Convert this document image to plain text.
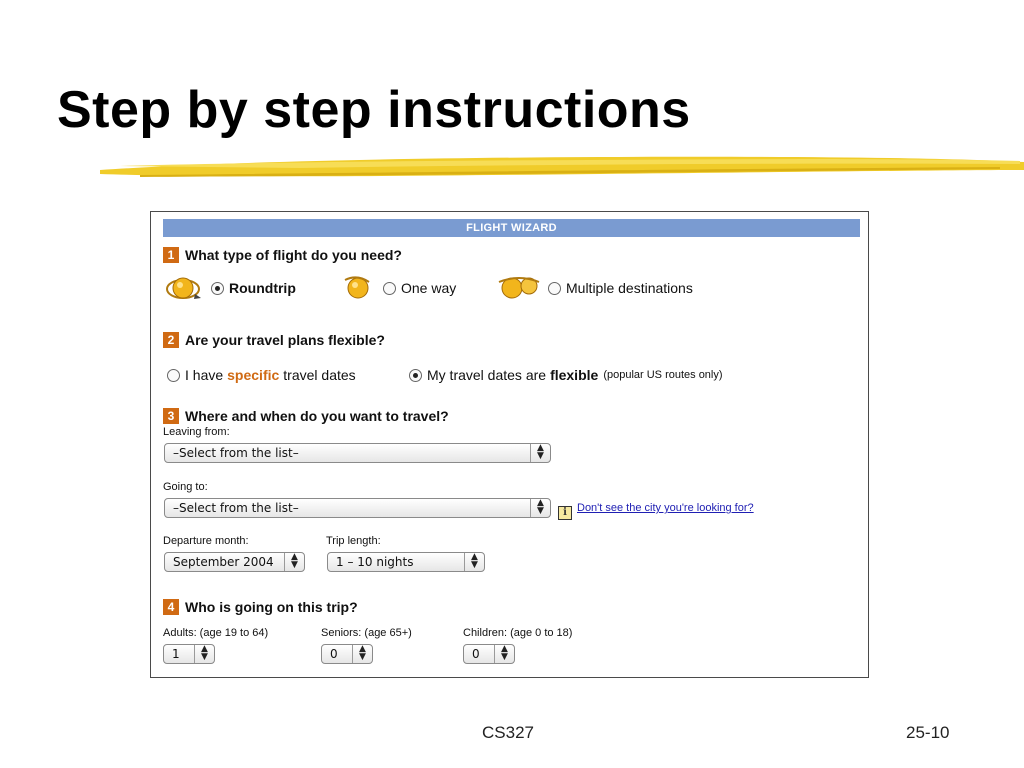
Step by step instructions
FLIGHT WIZARD
1 What type of flight do you need?
Roundtrip	One way	Multiple destinations
2 Are your travel plans flexible?
I have specific travel dates	My travel dates are flexible (popular US routes only)
3 Where and when do you want to travel?
Leaving from:
–Select from the list–	▲
▼
Going to:
–Select from the list–	▲
▼	i Don't see the city you're looking for?
Departure month:
September 2004	▲
▼
Trip length:
1 – 10 nights	▲
▼
4 Who is going on this trip?
Adults: (age 19 to 64)
1	▲
▼
Seniors: (age 65+)
0	▲
▼
Children: (age 0 to 18)
0	▲
▼
CS327	25-10
